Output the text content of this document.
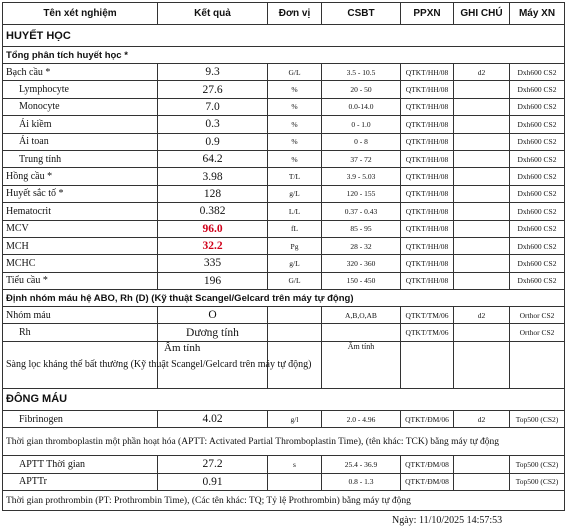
Tên xét nghiệm	Kết quả	Đơn vị	CSBT	PPXN	GHI CHÚ	Máy XN
HUYẾT HỌC						
Tổng phân tích huyết học *						
Bạch cầu *	9.3	G/L	3.5 - 10.5	QTKT/HH/08	d2	Dxh600 CS2
Lymphocyte	27.6	%	20 - 50	QTKT/HH/08		Dxh600 CS2
Monocyte	7.0	%	0.0-14.0	QTKT/HH/08		Dxh600 CS2
Ái kiềm	0.3	%	0 - 1.0	QTKT/HH/08		Dxh600 CS2
Ái toan	0.9	%	0 - 8	QTKT/HH/08		Dxh600 CS2
Trung tính	64.2	%	37 - 72	QTKT/HH/08		Dxh600 CS2
Hồng cầu *	3.98	T/L	3.9 - 5.03	QTKT/HH/08		Dxh600 CS2
Huyết sắc tố *	128	g/L	120 - 155	QTKT/HH/08		Dxh600 CS2
Hematocrit	0.382	L/L	0.37 - 0.43	QTKT/HH/08		Dxh600 CS2
MCV	96.0	fL	85 - 95	QTKT/HH/08		Dxh600 CS2
MCH	32.2	Pg	28 - 32	QTKT/HH/08		Dxh600 CS2
MCHC	335	g/L	320 - 360	QTKT/HH/08		Dxh600 CS2
Tiểu cầu *	196	G/L	150 - 450	QTKT/HH/08		Dxh600 CS2
Định nhóm máu hệ ABO, Rh (D) (Kỹ thuật Scangel/Gelcard trên máy tự động)						
Nhóm máu	O		A,B,O,AB	QTKT/TM/06	d2	Orthor CS2
Rh	Dương tính			QTKT/TM/06		Orthor CS2
Sàng lọc kháng thể bất thường (Kỹ thuật Scangel/Gelcard trên máy tự động)	Âm tính		Âm tính			
ĐÔNG MÁU						
Fibrinogen	4.02	g/l	2.0 - 4.96	QTKT/ĐM/06	d2	Top500 (CS2)
Thời gian thromboplastin một phần hoạt hóa (APTT: Activated Partial Thromboplastin Time), (tên khác: TCK) bằng máy tự động						
APTT Thời gian	27.2	s	25.4 - 36.9	QTKT/ĐM/08		Top500 (CS2)
APTTr	0.91		0.8 - 1.3	QTKT/ĐM/08		Top500 (CS2)
Thời gian prothrombin (PT: Prothrombin Time), (Các tên khác: TQ; Tỷ lệ Prothrombin) bằng máy tự động						
Ngày: 11/10/2025 14:57:53
